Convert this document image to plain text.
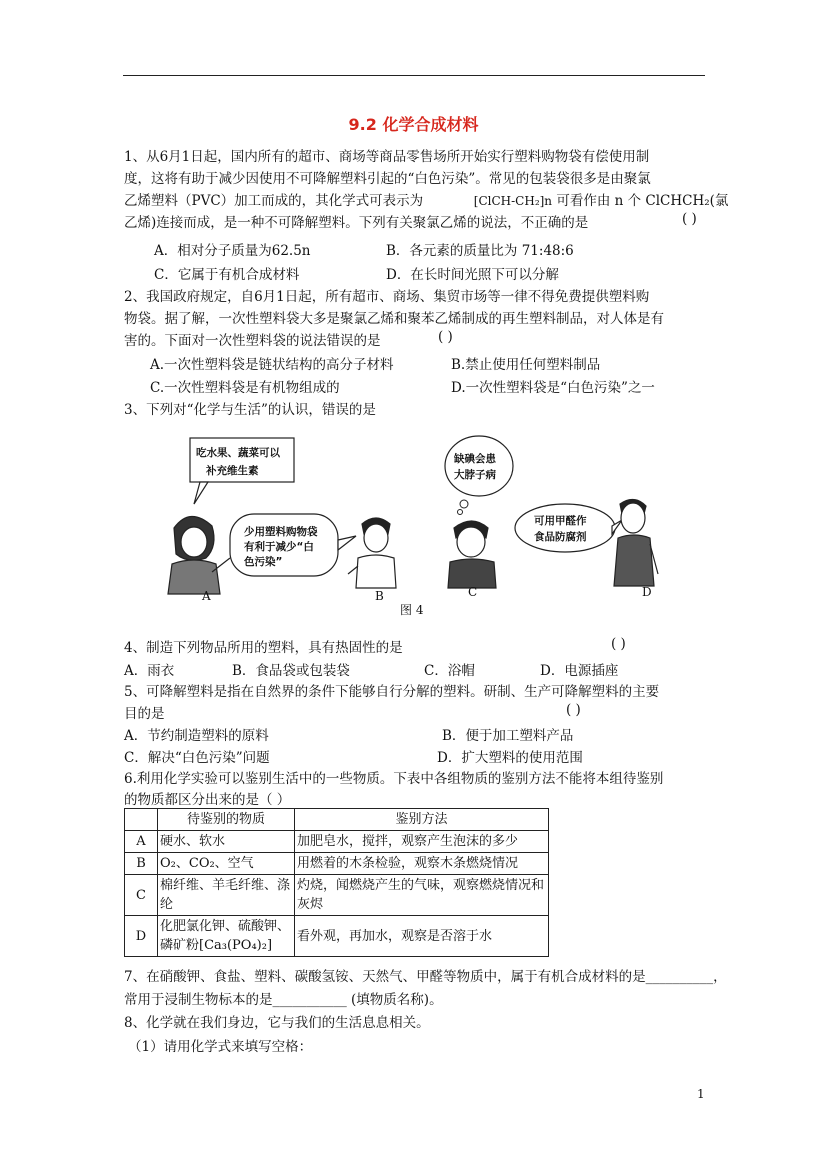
9.2 化学合成材料
1、从6月1日起，国内所有的超市、商场等商品零售场所开始实行塑料购物袋有偿使用制
度，这将有助于减少因使用不可降解塑料引起的“白色污染”。常见的包装袋很多是由聚氯
乙烯塑料（PVC）加工而成的，其化学式可表示为	[ClCH-CH₂]n 可看作由 n 个 ClCHCH₂(氯
乙烯)连接而成，是一种不可降解塑料。下列有关聚氯乙烯的说法，不正确的是	( )
A．相对分子质量为62.5n	B．各元素的质量比为 71:48:6
C．它属于有机合成材料	D．在长时间光照下可以分解
2、我国政府规定，自6月1日起，所有超市、商场、集贸市场等一律不得免费提供塑料购
物袋。据了解，一次性塑料袋大多是聚氯乙烯和聚苯乙烯制成的再生塑料制品，对人体是有
害的。下面对一次性塑料袋的说法错误的是	( )
A.一次性塑料袋是链状结构的高分子材料	B.禁止使用任何塑料制品
C.一次性塑料袋是有机物组成的	D.一次性塑料袋是“白色污染”之一
3、下列对“化学与生活”的认识，错误的是
吃水果、蔬菜可以
补充维生素
少用塑料购物袋
有利于减少“白
色污染”
缺碘会患
大脖子病
可用甲醛作
食品防腐剂
A	B	C	D
图 4
4、制造下列物品所用的塑料，具有热固性的是	( )
A．雨衣	B．食品袋或包装袋	C．浴帽	D．电源插座
5、可降解塑料是指在自然界的条件下能够自行分解的塑料。研制、生产可降解塑料的主要
目的是	( )
A．节约制造塑料的原料	B．便于加工塑料产品
C．解决“白色污染”问题	D．扩大塑料的使用范围
6.利用化学实验可以鉴别生活中的一些物质。下表中各组物质的鉴别方法不能将本组待鉴别
的物质都区分出来的是（ ）
	待鉴别的物质	鉴别方法
A	硬水、软水	加肥皂水，搅拌，观察产生泡沫的多少
B	O₂、CO₂、空气	用燃着的木条检验，观察木条燃烧情况
C	棉纤维、羊毛纤维、涤纶	灼烧，闻燃烧产生的气味，观察燃烧情况和灰烬
D	化肥氯化钾、硫酸钾、磷矿粉[Ca₃(PO₄)₂]	看外观，再加水，观察是否溶于水
7、在硝酸钾、食盐、塑料、碳酸氢铵、天然气、甲醛等物质中，属于有机合成材料的是__________，
常用于浸制生物标本的是___________ (填物质名称)。
8、化学就在我们身边，它与我们的生活息息相关。
（1）请用化学式来填写空格：
1
